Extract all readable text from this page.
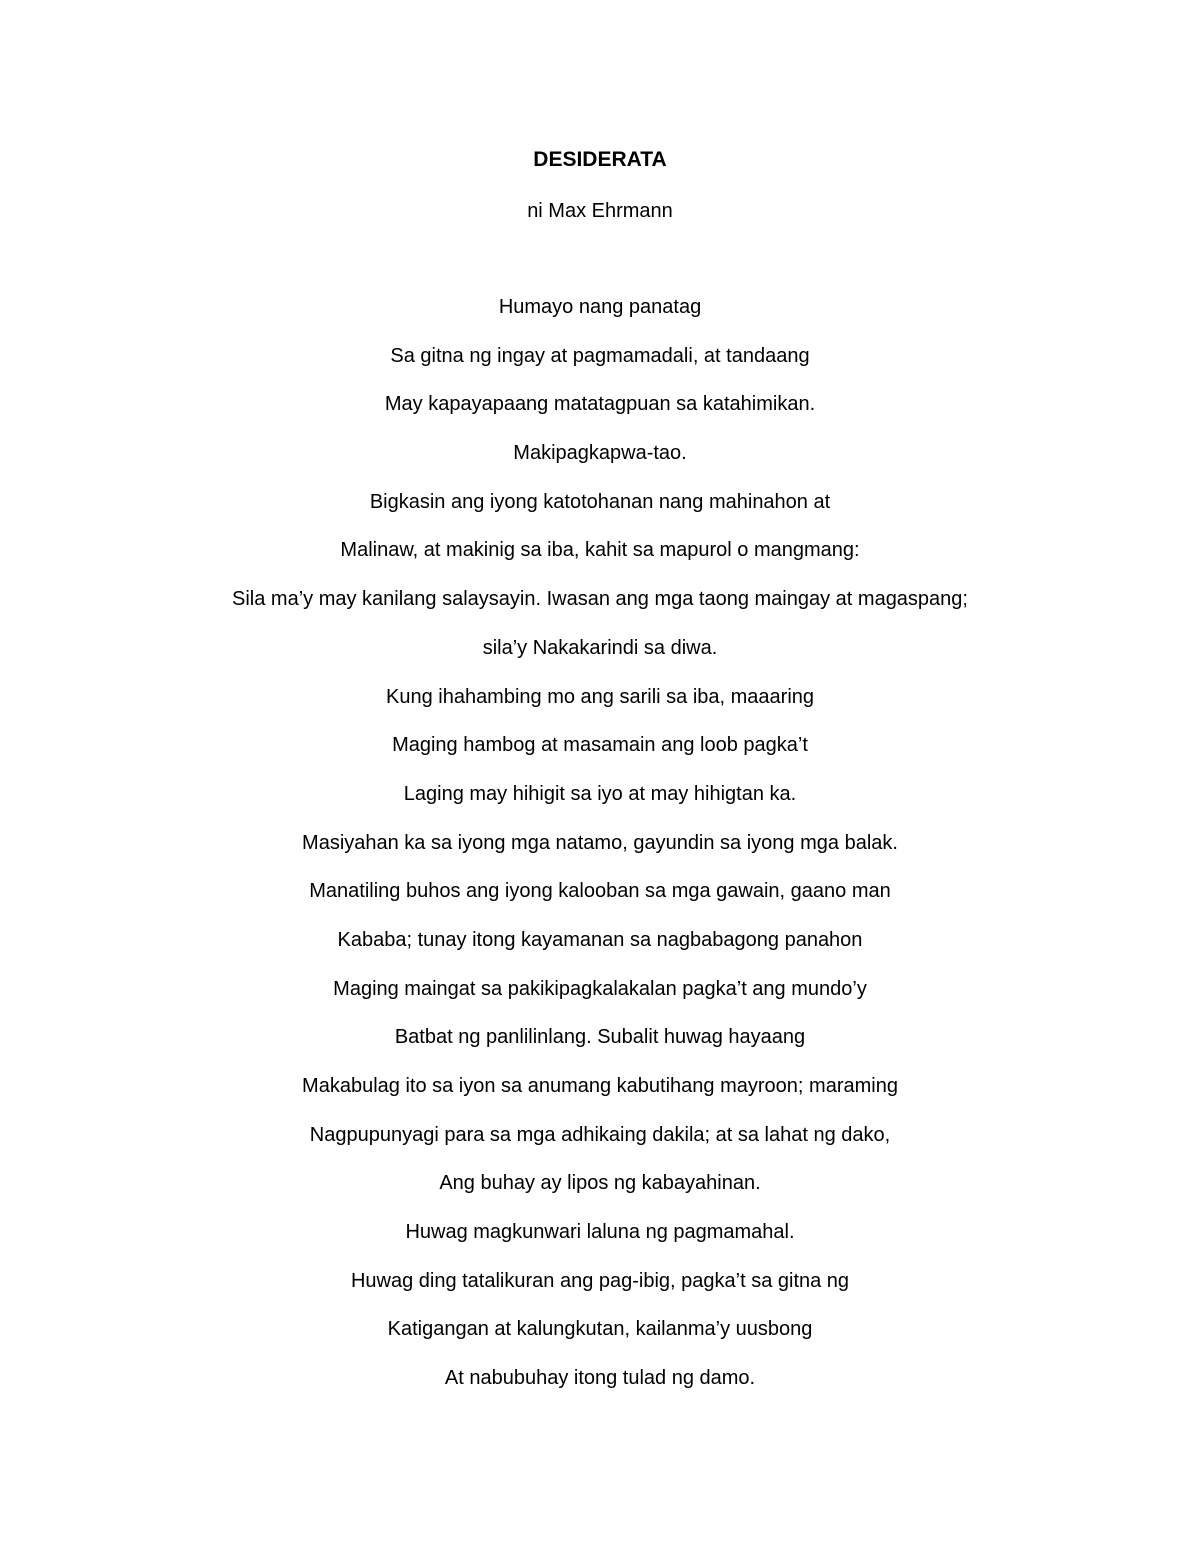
DESIDERATA
ni Max Ehrmann
Humayo nang panatag
Sa gitna ng ingay at pagmamadali, at tandaang
May kapayapaang matatagpuan sa katahimikan.
Makipagkapwa-tao.
Bigkasin ang iyong katotohanan nang mahinahon at
Malinaw, at makinig sa iba, kahit sa mapurol o mangmang:
Sila ma’y may kanilang salaysayin. Iwasan ang mga taong maingay at magaspang;
sila’y Nakakarindi sa diwa.
Kung ihahambing mo ang sarili sa iba, maaaring
Maging hambog at masamain ang loob pagka’t
Laging may hihigit sa iyo at may hihigtan ka.
Masiyahan ka sa iyong mga natamo, gayundin sa iyong mga balak.
Manatiling buhos ang iyong kalooban sa mga gawain, gaano man
Kababa; tunay itong kayamanan sa nagbabagong panahon
Maging maingat sa pakikipagkalakalan pagka’t ang mundo’y
Batbat ng panlilinlang. Subalit huwag hayaang
Makabulag ito sa iyon sa anumang kabutihang mayroon; maraming
Nagpupunyagi para sa mga adhikaing dakila; at sa lahat ng dako,
Ang buhay ay lipos ng kabayahinan.
Huwag magkunwari laluna ng pagmamahal.
Huwag ding tatalikuran ang pag-ibig, pagka’t sa gitna ng
Katigangan at kalungkutan, kailanma’y uusbong
At nabubuhay itong tulad ng damo.
